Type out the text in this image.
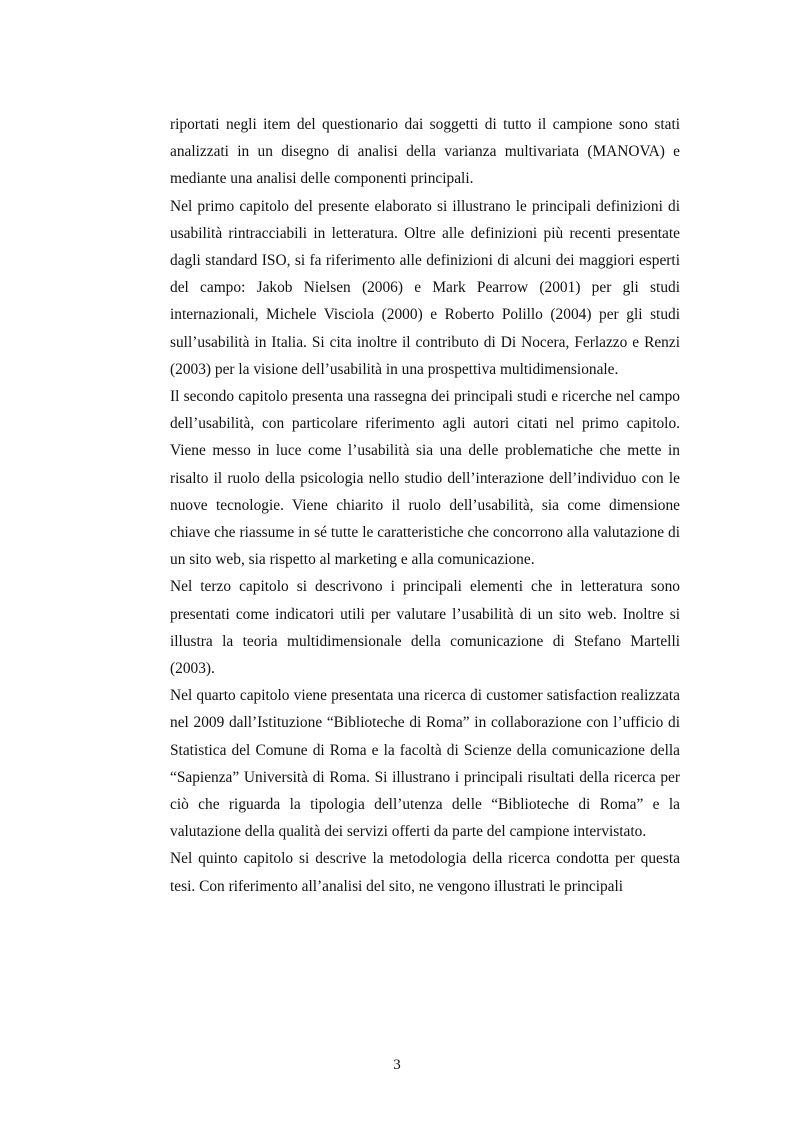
riportati negli item del questionario dai soggetti di tutto il campione sono stati analizzati in un disegno di analisi della varianza multivariata (MANOVA) e mediante una analisi delle componenti principali.

Nel primo capitolo del presente elaborato si illustrano le principali definizioni di usabilità rintracciabili in letteratura. Oltre alle definizioni più recenti presentate dagli standard ISO, si fa riferimento alle definizioni di alcuni dei maggiori esperti del campo: Jakob Nielsen (2006) e Mark Pearrow (2001) per gli studi internazionali, Michele Visciola (2000) e Roberto Polillo (2004) per gli studi sull’usabilità in Italia. Si cita inoltre il contributo di Di Nocera, Ferlazzo e Renzi (2003) per la visione dell’usabilità in una prospettiva multidimensionale.

Il secondo capitolo presenta una rassegna dei principali studi e ricerche nel campo dell’usabilità, con particolare riferimento agli autori citati nel primo capitolo. Viene messo in luce come l’usabilità sia una delle problematiche che mette in risalto il ruolo della psicologia nello studio dell’interazione dell’individuo con le nuove tecnologie. Viene chiarito il ruolo dell’usabilità, sia come dimensione chiave che riassume in sé tutte le caratteristiche che concorrono alla valutazione di un sito web, sia rispetto al marketing e alla comunicazione.

Nel terzo capitolo si descrivono i principali elementi che in letteratura sono presentati come indicatori utili per valutare l’usabilità di un sito web. Inoltre si illustra la teoria multidimensionale della comunicazione di Stefano Martelli (2003).

Nel quarto capitolo viene presentata una ricerca di customer satisfaction realizzata nel 2009 dall’Istituzione “Biblioteche di Roma” in collaborazione con l’ufficio di Statistica del Comune di Roma e la facoltà di Scienze della comunicazione della “Sapienza” Università di Roma. Si illustrano i principali risultati della ricerca per ciò che riguarda la tipologia dell’utenza delle “Biblioteche di Roma” e la valutazione della qualità dei servizi offerti da parte del campione intervistato.

Nel quinto capitolo si descrive la metodologia della ricerca condotta per questa tesi. Con riferimento all’analisi del sito, ne vengono illustrati le principali

3
